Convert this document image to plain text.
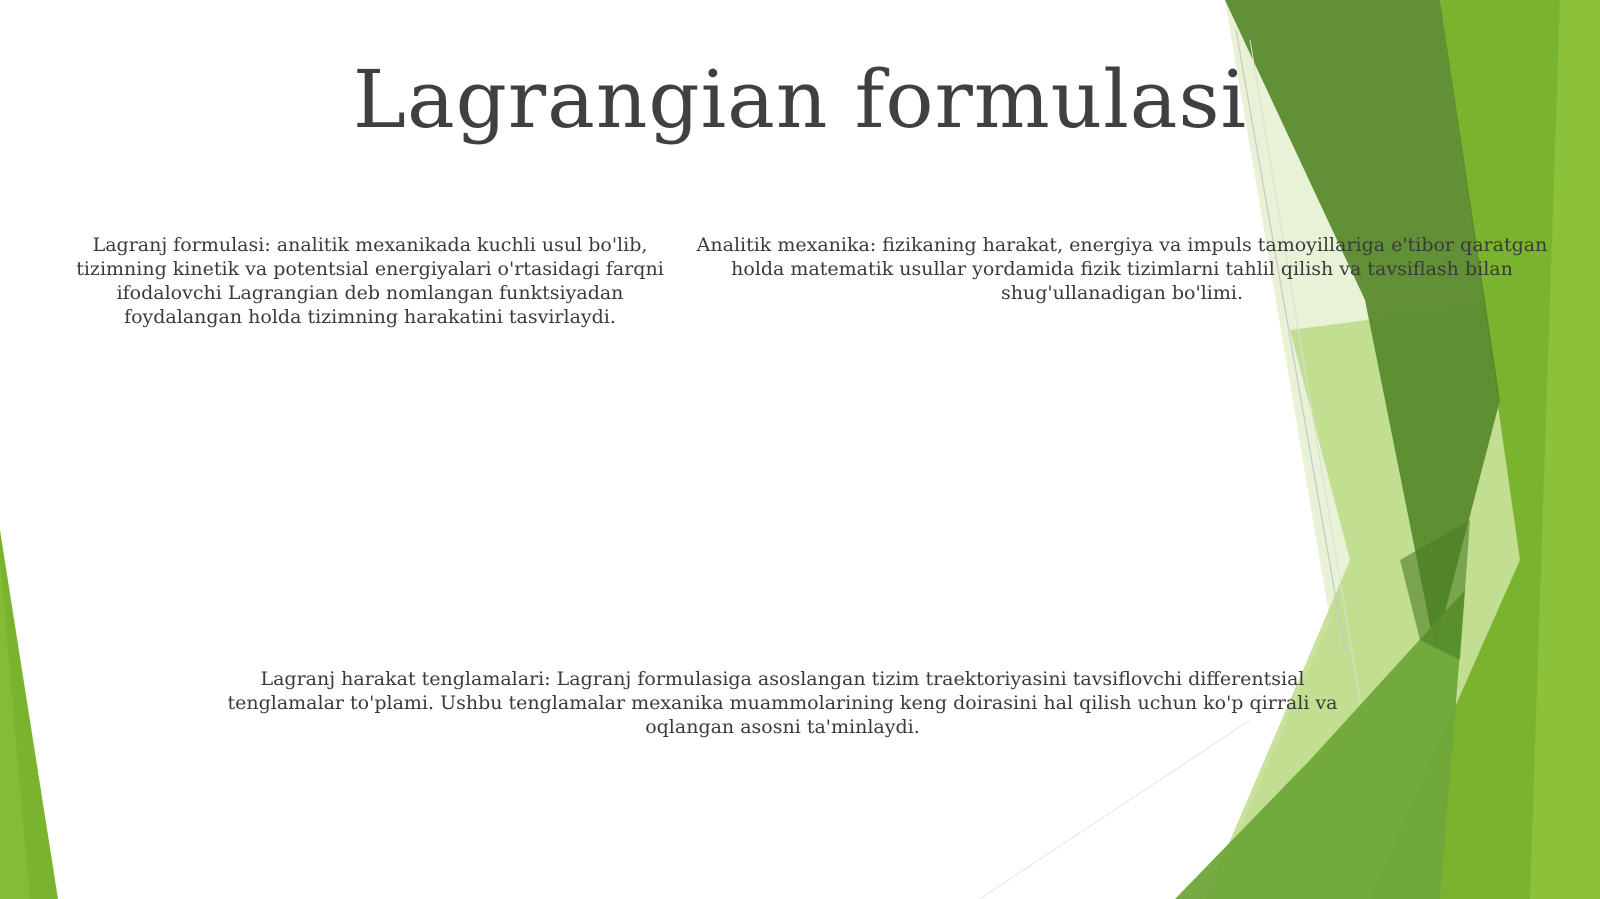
Lagrangian formulasi
Lagranj formulasi: analitik mexanikada kuchli usul bo'lib, tizimning kinetik va potentsial energiyalari o'rtasidagi farqni ifodalovchi Lagrangian deb nomlangan funktsiyadan foydalangan holda tizimning harakatini tasvirlaydi.
Analitik mexanika: fizikaning harakat, energiya va impuls tamoyillariga e'tibor qaratgan holda matematik usullar yordamida fizik tizimlarni tahlil qilish va tavsiflash bilan shug'ullanadigan bo'limi.
Lagranj harakat tenglamalari: Lagranj formulasiga asoslangan tizim traektoriyasini tavsiflovchi differentsial tenglamalar to'plami. Ushbu tenglamalar mexanika muammolarining keng doirasini hal qilish uchun ko'p qirrali va oqlangan asosni ta'minlaydi.
